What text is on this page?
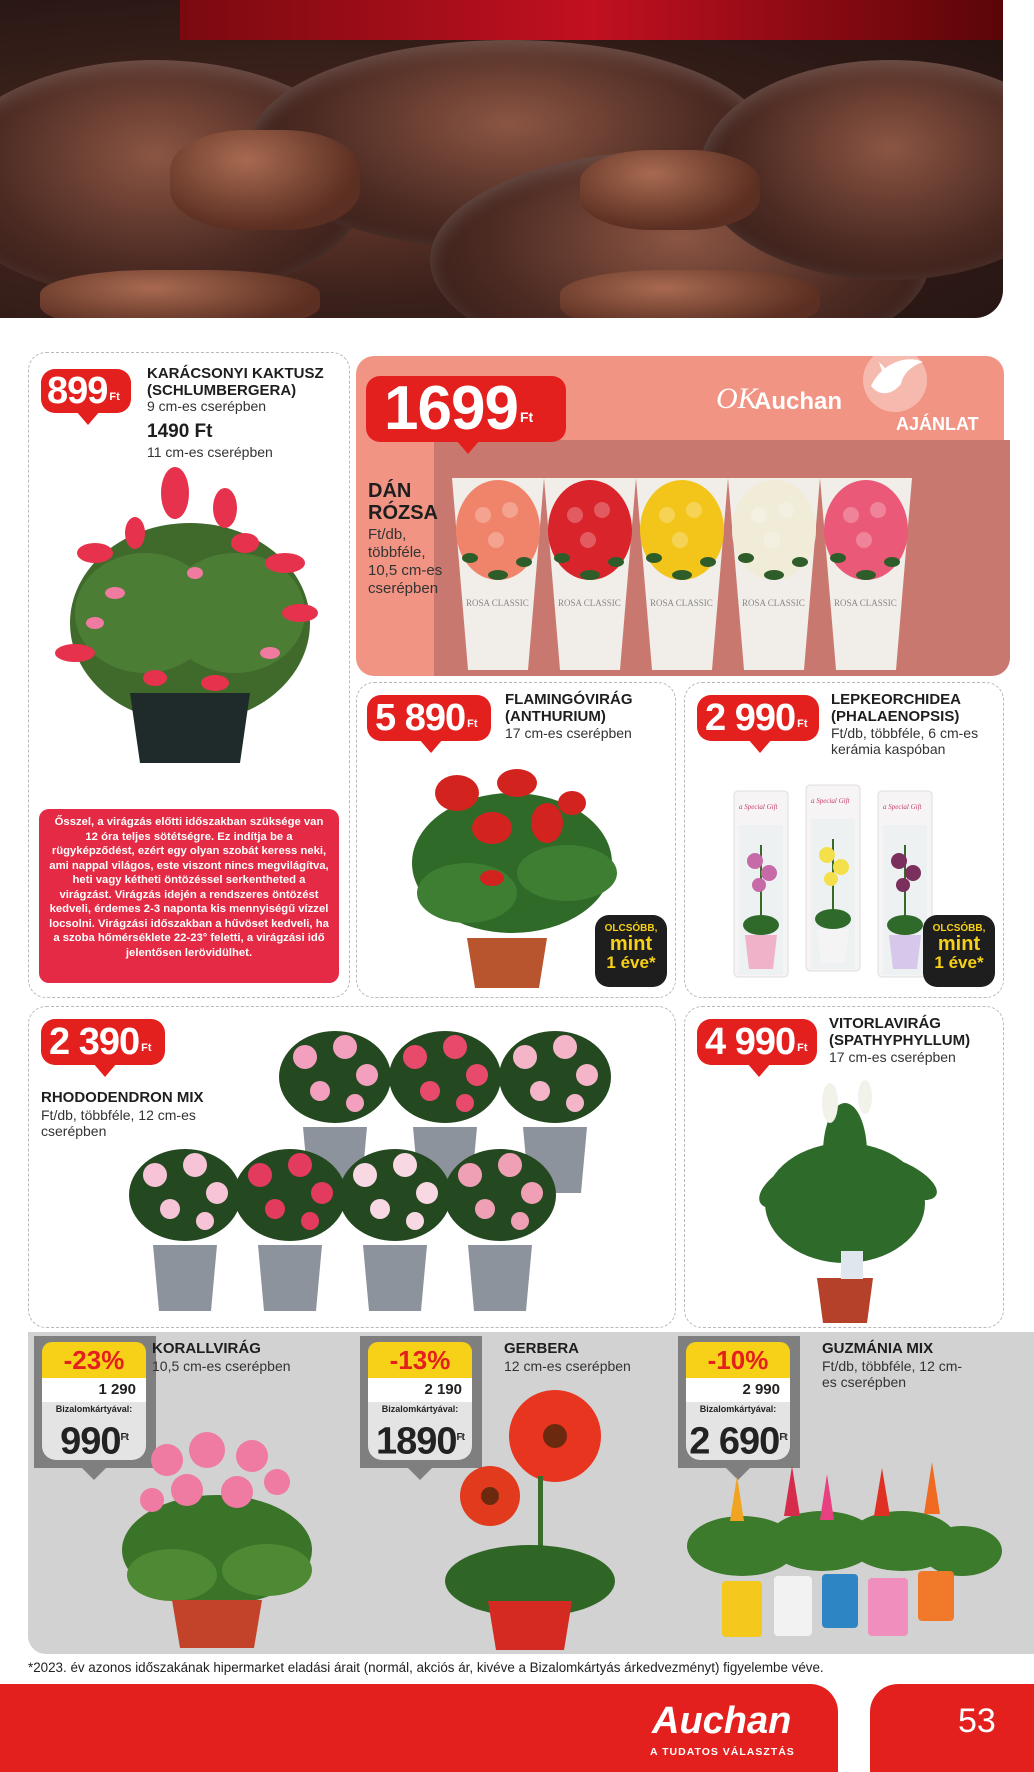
899 Ft
KARÁCSONYI KAKTUSZ
(SCHLUMBERGERA)
9 cm-es cserépben
1490 Ft
11 cm-es cserépben
Ősszel, a virágzás előtti időszakban szüksége van 12 óra teljes sötétségre. Ez indítja be a rügyképződést, ezért egy olyan szobát keress neki, ami nappal világos, este viszont nincs megvilágítva, heti vagy kétheti öntözéssel serkentheted a virágzást. Virágzás idején a rendszeres öntözést kedveli, érdemes 2-3 naponta kis mennyiségű vízzel locsolni. Virágzási időszakban a hűvöset kedveli, ha a szoba hőmérséklete 22-23° feletti, a virágzási idő jelentősen lerövidülhet.
1699 Ft
OK
Auchan
AJÁNLAT
DÁN
RÓZSA
Ft/db, többféle, 10,5 cm-es cserépben
ROSA CLASSIC	ROSA CLASSIC	ROSA CLASSIC	ROSA CLASSIC	ROSA CLASSIC
5 890 Ft
FLAMINGÓVIRÁG
(ANTHURIUM)
17 cm-es cserépben
OLCSÓBB,
mint
1 éve*
2 990 Ft
LEPKEORCHIDEA
(PHALAENOPSIS)
Ft/db, többféle, 6 cm-es kerámia kaspóban
a Special Gift
a Special Gift
a Special Gift
OLCSÓBB,
mint
1 éve*
2 390 Ft
RHODODENDRON MIX
Ft/db, többféle, 12 cm-es cserépben
4 990 Ft
VITORLAVIRÁG
(SPATHYPHYLLUM)
17 cm-es cserépben
-23%
1 290
Bizalomkártyával:
$990^{Ft}$
KORALLVIRÁG
10,5 cm-es cserépben	-13%
2 190
Bizalomkártyával:
$1890^{Ft}$
GERBERA
12 cm-es cserépben	-10%
2 990
Bizalomkártyával:
2 $690^{Ft}$
GUZMÁNIA MIX
Ft/db, többféle, 12 cm-es cserépben
*2023. év azonos időszakának hipermarket eladási árait (normál, akciós ár, kivéve a Bizalomkártyás árkedvezményt) figyelembe véve.
Auchan
A TUDATOS VÁLASZTÁS
53
